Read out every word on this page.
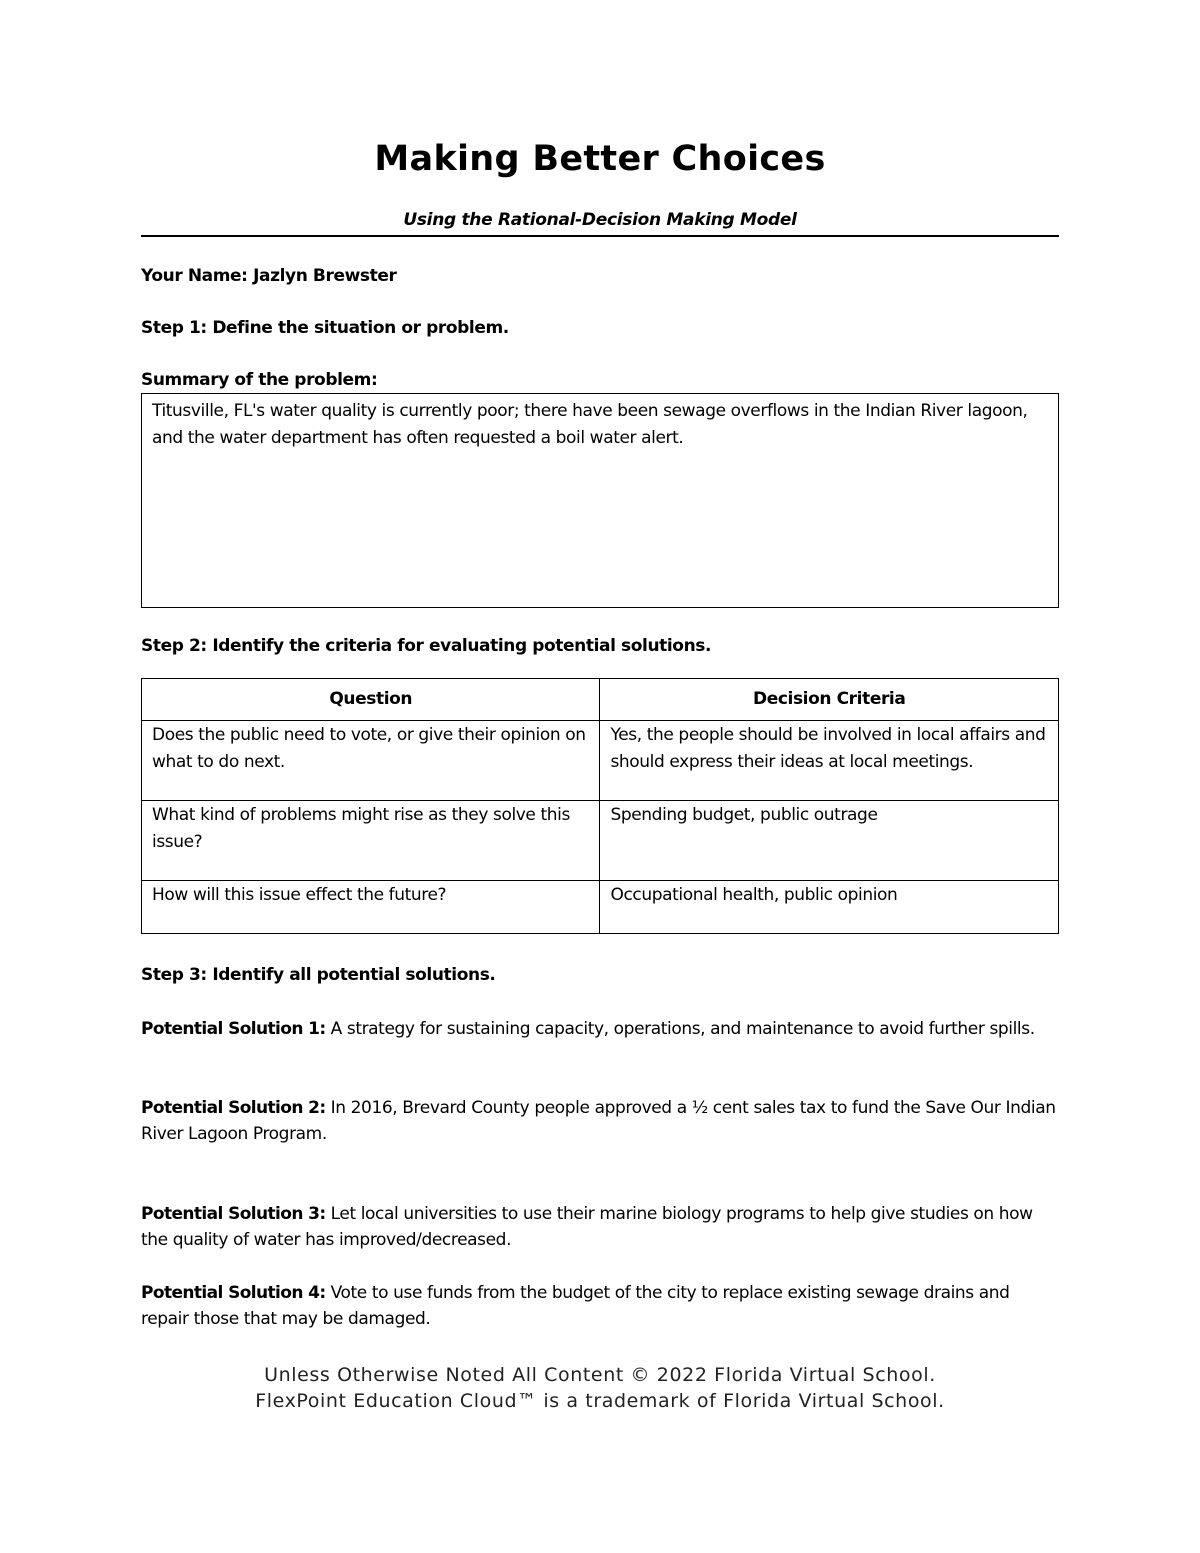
Making Better Choices
Using the Rational-Decision Making Model
Your Name: Jazlyn Brewster
Step 1: Define the situation or problem.
Summary of the problem:
Titusville, FL's water quality is currently poor; there have been sewage overflows in the Indian River lagoon, and the water department has often requested a boil water alert.
Step 2: Identify the criteria for evaluating potential solutions.
Question	Decision Criteria
Does the public need to vote, or give their opinion on what to do next.	Yes, the people should be involved in local affairs and should express their ideas at local meetings.
What kind of problems might rise as they solve this issue?	Spending budget, public outrage
How will this issue effect the future?	Occupational health, public opinion
Step 3: Identify all potential solutions.
Potential Solution 1: A strategy for sustaining capacity, operations, and maintenance to avoid further spills.
Potential Solution 2: In 2016, Brevard County people approved a ½ cent sales tax to fund the Save Our Indian River Lagoon Program.
Potential Solution 3: Let local universities to use their marine biology programs to help give studies on how the quality of water has improved/decreased.
Potential Solution 4: Vote to use funds from the budget of the city to replace existing sewage drains and repair those that may be damaged.
Unless Otherwise Noted All Content © 2022 Florida Virtual School.
FlexPoint Education Cloud™ is a trademark of Florida Virtual School.
